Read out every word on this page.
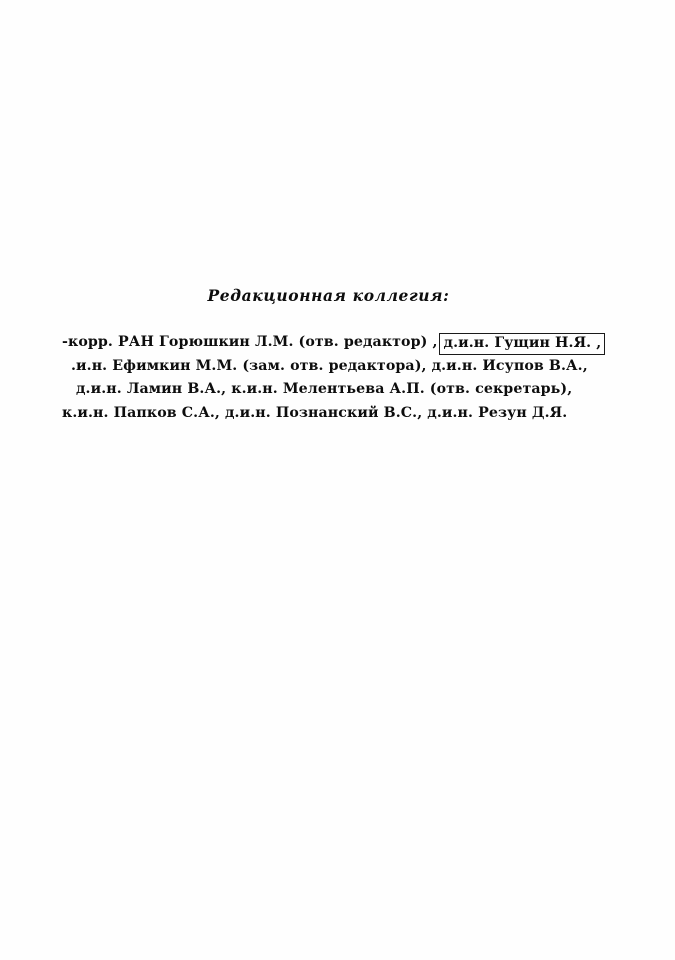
Редакционная коллегия:
-корр. РАН Горюшкин Л.М. (отв. редактор) , д.и.н. Гущин Н.Я. ,
.и.н. Ефимкин М.М. (зам. отв. редактора), д.и.н. Исупов В.А.,
д.и.н. Ламин В.А., к.и.н. Мелентьева А.П. (отв. секретарь),
к.и.н. Папков С.А., д.и.н. Познанский В.С., д.и.н. Резун Д.Я.
